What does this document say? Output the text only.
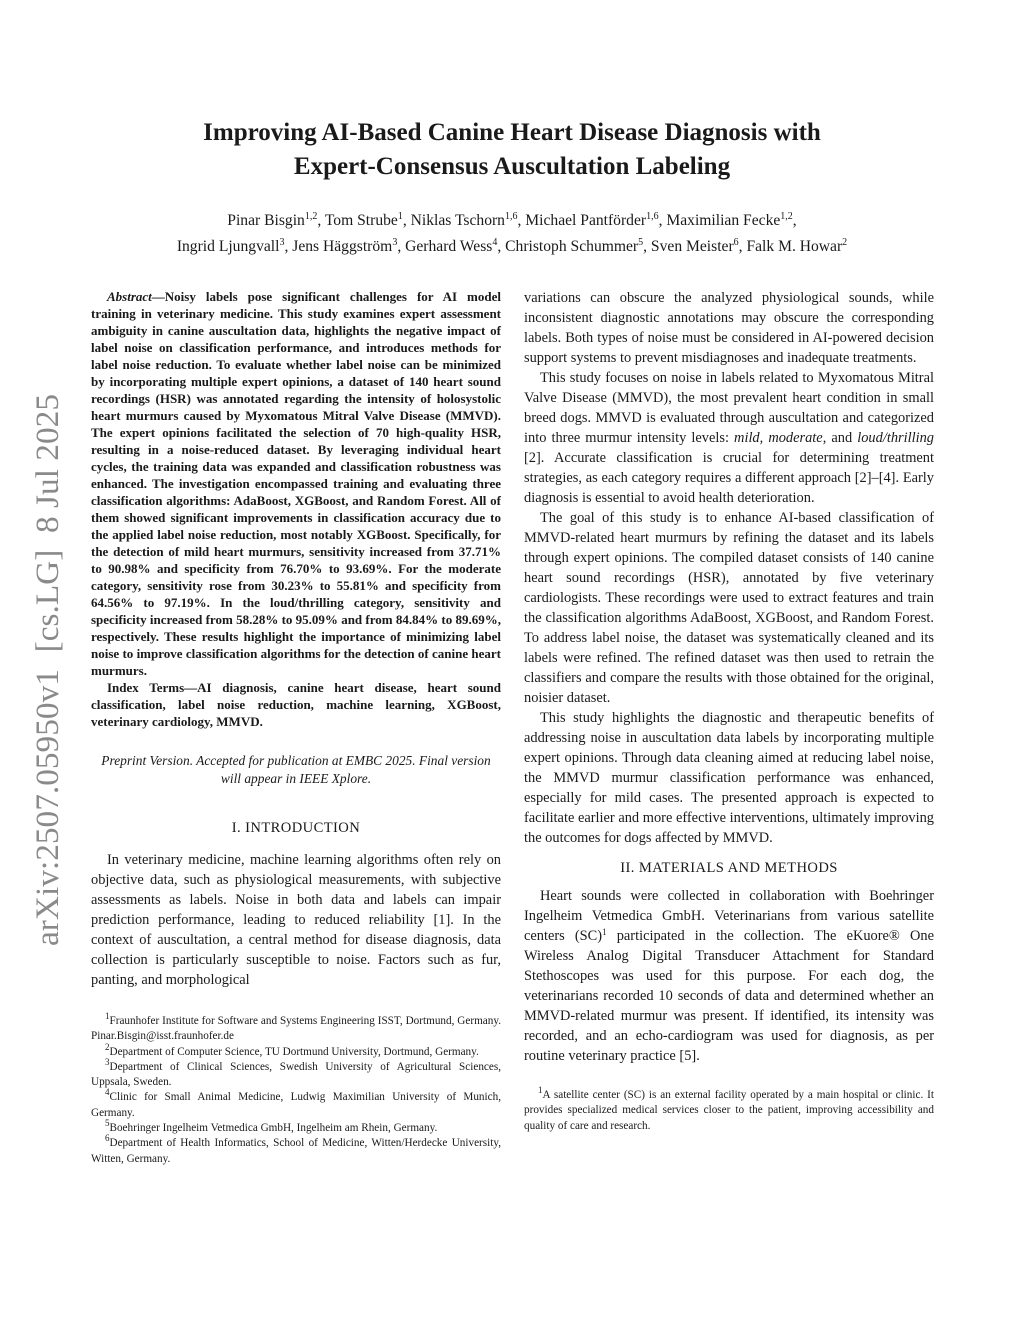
arXiv:2507.05950v1  [cs.LG]  8 Jul 2025
Improving AI-Based Canine Heart Disease Diagnosis with
Expert-Consensus Auscultation Labeling
Pinar Bisgin$^{1,2}$, Tom Strube$^1$, Niklas Tschorn$^{1,6}$, Michael Pantförder$^{1,6}$, Maximilian Fecke$^{1,2}$,
Ingrid Ljungvall$^3$, Jens Häggström$^3$, Gerhard Wess$^4$, Christoph Schummer$^5$, Sven Meister$^6$, Falk M. Howar$^2$
Abstract—Noisy labels pose significant challenges for AI model training in veterinary medicine. This study examines expert assessment ambiguity in canine auscultation data, highlights the negative impact of label noise on classification performance, and introduces methods for label noise reduction. To evaluate whether label noise can be minimized by incorporating multiple expert opinions, a dataset of 140 heart sound recordings (HSR) was annotated regarding the intensity of holosystolic heart murmurs caused by Myxomatous Mitral Valve Disease (MMVD). The expert opinions facilitated the selection of 70 high-quality HSR, resulting in a noise-reduced dataset. By leveraging individual heart cycles, the training data was expanded and classification robustness was enhanced. The investigation encompassed training and evaluating three classification algorithms: AdaBoost, XGBoost, and Random Forest. All of them showed significant improvements in classification accuracy due to the applied label noise reduction, most notably XGBoost. Specifically, for the detection of mild heart murmurs, sensitivity increased from 37.71% to 90.98% and specificity from 76.70% to 93.69%. For the moderate category, sensitivity rose from 30.23% to 55.81% and specificity from 64.56% to 97.19%. In the loud/thrilling category, sensitivity and specificity increased from 58.28% to 95.09% and from 84.84% to 89.69%, respectively. These results highlight the importance of minimizing label noise to improve classification algorithms for the detection of canine heart murmurs.
Index Terms—AI diagnosis, canine heart disease, heart sound classification, label noise reduction, machine learning, XGBoost, veterinary cardiology, MMVD.
Preprint Version. Accepted for publication at EMBC 2025. Final version will appear in IEEE Xplore.
I. INTRODUCTION

In veterinary medicine, machine learning algorithms often rely on objective data, such as physiological measurements, with subjective assessments as labels. Noise in both data and labels can impair prediction performance, leading to reduced reliability [1]. In the context of auscultation, a central method for disease diagnosis, data collection is particularly susceptible to noise. Factors such as fur, panting, and morphological

$^1$Fraunhofer Institute for Software and Systems Engineering ISST, Dortmund, Germany. Pinar.Bisgin@isst.fraunhofer.de
$^2$Department of Computer Science, TU Dortmund University, Dortmund, Germany.
$^3$Department of Clinical Sciences, Swedish University of Agricultural Sciences, Uppsala, Sweden.
$^4$Clinic for Small Animal Medicine, Ludwig Maximilian University of Munich, Germany.
$^5$Boehringer Ingelheim Vetmedica GmbH, Ingelheim am Rhein, Germany.
$^6$Department of Health Informatics, School of Medicine, Witten/Herdecke University, Witten, Germany.

variations can obscure the analyzed physiological sounds, while inconsistent diagnostic annotations may obscure the corresponding labels. Both types of noise must be considered in AI-powered decision support systems to prevent misdiagnoses and inadequate treatments.

This study focuses on noise in labels related to Myxomatous Mitral Valve Disease (MMVD), the most prevalent heart condition in small breed dogs. MMVD is evaluated through auscultation and categorized into three murmur intensity levels: mild, moderate, and loud/thrilling [2]. Accurate classification is crucial for determining treatment strategies, as each category requires a different approach [2]–[4]. Early diagnosis is essential to avoid health deterioration.

The goal of this study is to enhance AI-based classification of MMVD-related heart murmurs by refining the dataset and its labels through expert opinions. The compiled dataset consists of 140 canine heart sound recordings (HSR), annotated by five veterinary cardiologists. These recordings were used to extract features and train the classification algorithms AdaBoost, XGBoost, and Random Forest. To address label noise, the dataset was systematically cleaned and its labels were refined. The refined dataset was then used to retrain the classifiers and compare the results with those obtained for the original, noisier dataset.

This study highlights the diagnostic and therapeutic benefits of addressing noise in auscultation data labels by incorporating multiple expert opinions. Through data cleaning aimed at reducing label noise, the MMVD murmur classification performance was enhanced, especially for mild cases. The presented approach is expected to facilitate earlier and more effective interventions, ultimately improving the outcomes for dogs affected by MMVD.

II. MATERIALS AND METHODS

Heart sounds were collected in collaboration with Boehringer Ingelheim Vetmedica GmbH. Veterinarians from various satellite centers (SC)$^1$ participated in the collection. The eKuore® One Wireless Analog Digital Transducer Attachment for Standard Stethoscopes was used for this purpose. For each dog, the veterinarians recorded 10 seconds of data and determined whether an MMVD-related murmur was present. If identified, its intensity was recorded, and an echo-cardiogram was used for diagnosis, as per routine veterinary practice [5].

$^1$A satellite center (SC) is an external facility operated by a main hospital or clinic. It provides specialized medical services closer to the patient, improving accessibility and quality of care and research.
